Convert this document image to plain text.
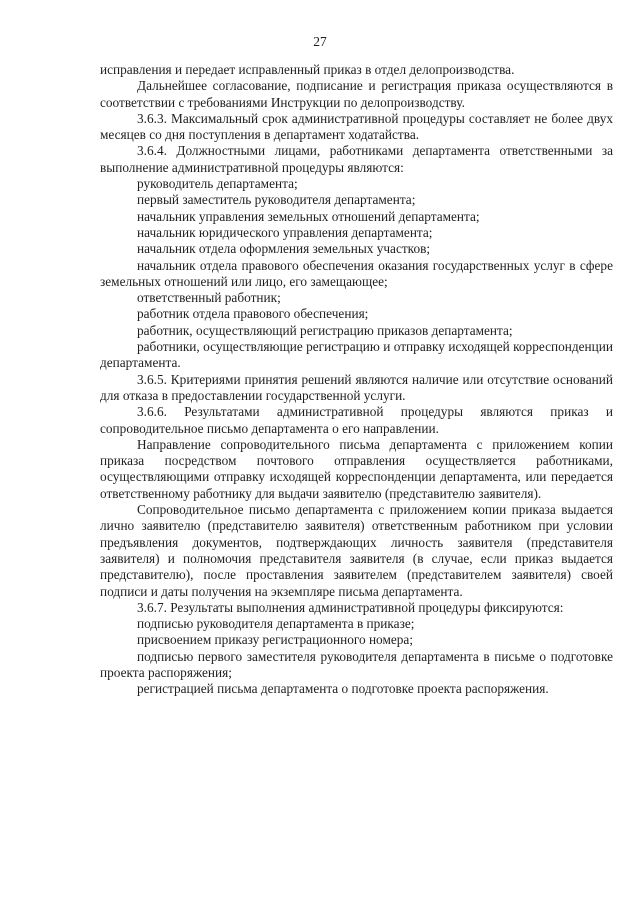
27

исправления и передает исправленный приказ в отдел делопроизводства.

Дальнейшее согласование, подписание и регистрация приказа осуществляются в соответствии с требованиями Инструкции по делопроизводству.

3.6.3. Максимальный срок административной процедуры составляет не более двух месяцев со дня поступления в департамент ходатайства.

3.6.4. Должностными лицами, работниками департамента ответственными за выполнение административной процедуры являются:

руководитель департамента;

первый заместитель руководителя департамента;

начальник управления земельных отношений департамента;

начальник юридического управления департамента;

начальник отдела оформления земельных участков;

начальник отдела правового обеспечения оказания государственных услуг в сфере земельных отношений или лицо, его замещающее;

ответственный работник;

работник отдела правового обеспечения;

работник, осуществляющий регистрацию приказов департамента;

работники, осуществляющие регистрацию и отправку исходящей корреспонденции департамента.

3.6.5. Критериями принятия решений являются наличие или отсутствие оснований для отказа в предоставлении государственной услуги.

3.6.6. Результатами административной процедуры являются приказ и сопроводительное письмо департамента о его направлении.

Направление сопроводительного письма департамента с приложением копии приказа посредством почтового отправления осуществляется работниками, осуществляющими отправку исходящей корреспонденции департамента, или передается ответственному работнику для выдачи заявителю (представителю заявителя).

Сопроводительное письмо департамента с приложением копии приказа выдается лично заявителю (представителю заявителя) ответственным работником при условии предъявления документов, подтверждающих личность заявителя (представителя заявителя) и полномочия представителя заявителя (в случае, если приказ выдается представителю), после проставления заявителем (представителем заявителя) своей подписи и даты получения на экземпляре письма департамента.

3.6.7. Результаты выполнения административной процедуры фиксируются:

подписью руководителя департамента в приказе;

присвоением приказу регистрационного номера;

подписью первого заместителя руководителя департамента в письме о подготовке проекта распоряжения;

регистрацией письма департамента о подготовке проекта распоряжения.
